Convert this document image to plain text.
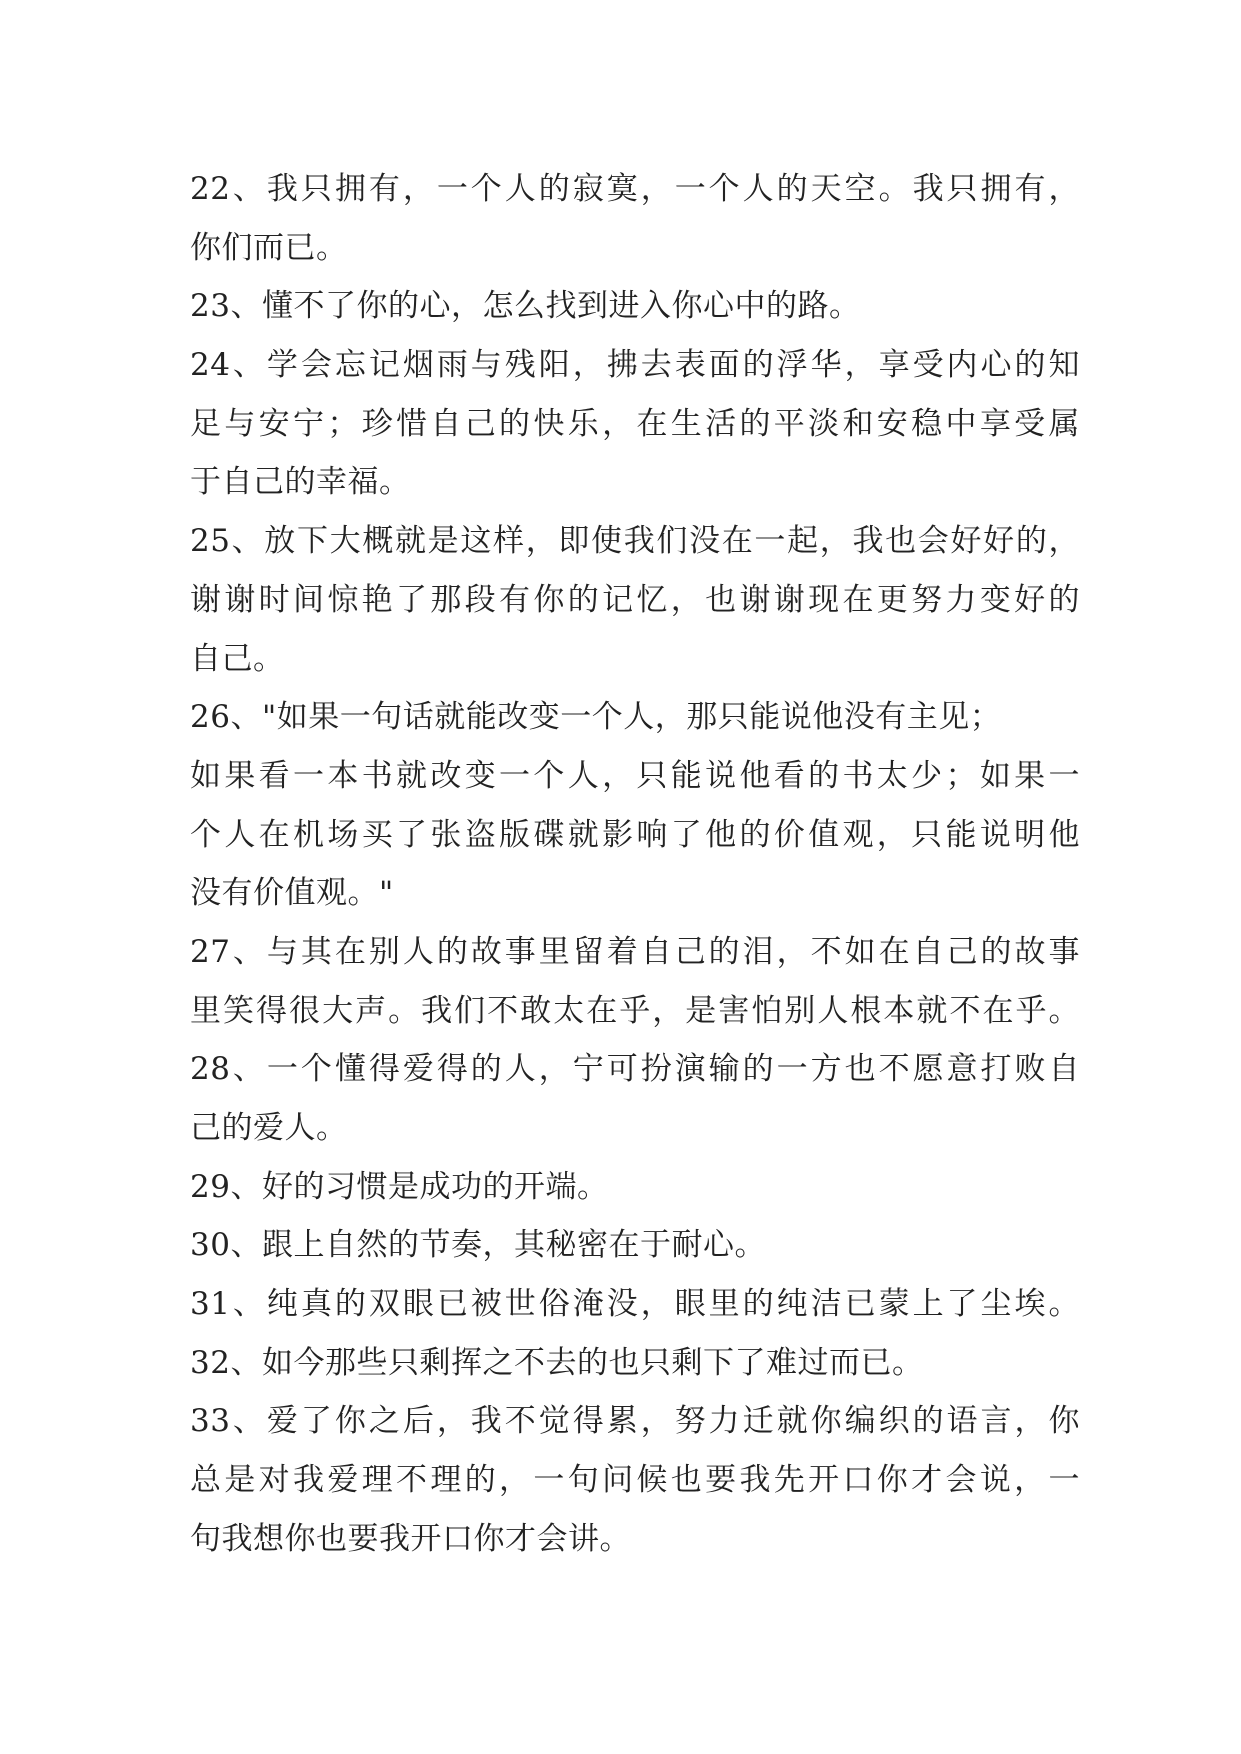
22、我只拥有，一个人的寂寞，一个人的天空。我只拥有，
你们而已。
23、懂不了你的心，怎么找到进入你心中的路。
24、学会忘记烟雨与残阳，拂去表面的浮华，享受内心的知
足与安宁；珍惜自己的快乐，在生活的平淡和安稳中享受属
于自己的幸福。
25、放下大概就是这样，即使我们没在一起，我也会好好的，
谢谢时间惊艳了那段有你的记忆，也谢谢现在更努力变好的
自己。
26、"如果一句话就能改变一个人，那只能说他没有主见；
如果看一本书就改变一个人，只能说他看的书太少；如果一
个人在机场买了张盗版碟就影响了他的价值观，只能说明他
没有价值观。"
27、与其在别人的故事里留着自己的泪，不如在自己的故事
里笑得很大声。我们不敢太在乎，是害怕别人根本就不在乎。
28、一个懂得爱得的人，宁可扮演输的一方也不愿意打败自
己的爱人。
29、好的习惯是成功的开端。
30、跟上自然的节奏，其秘密在于耐心。
31、纯真的双眼已被世俗淹没，眼里的纯洁已蒙上了尘埃。
32、如今那些只剩挥之不去的也只剩下了难过而已。
33、爱了你之后，我不觉得累，努力迁就你编织的语言，你
总是对我爱理不理的，一句问候也要我先开口你才会说，一
句我想你也要我开口你才会讲。
